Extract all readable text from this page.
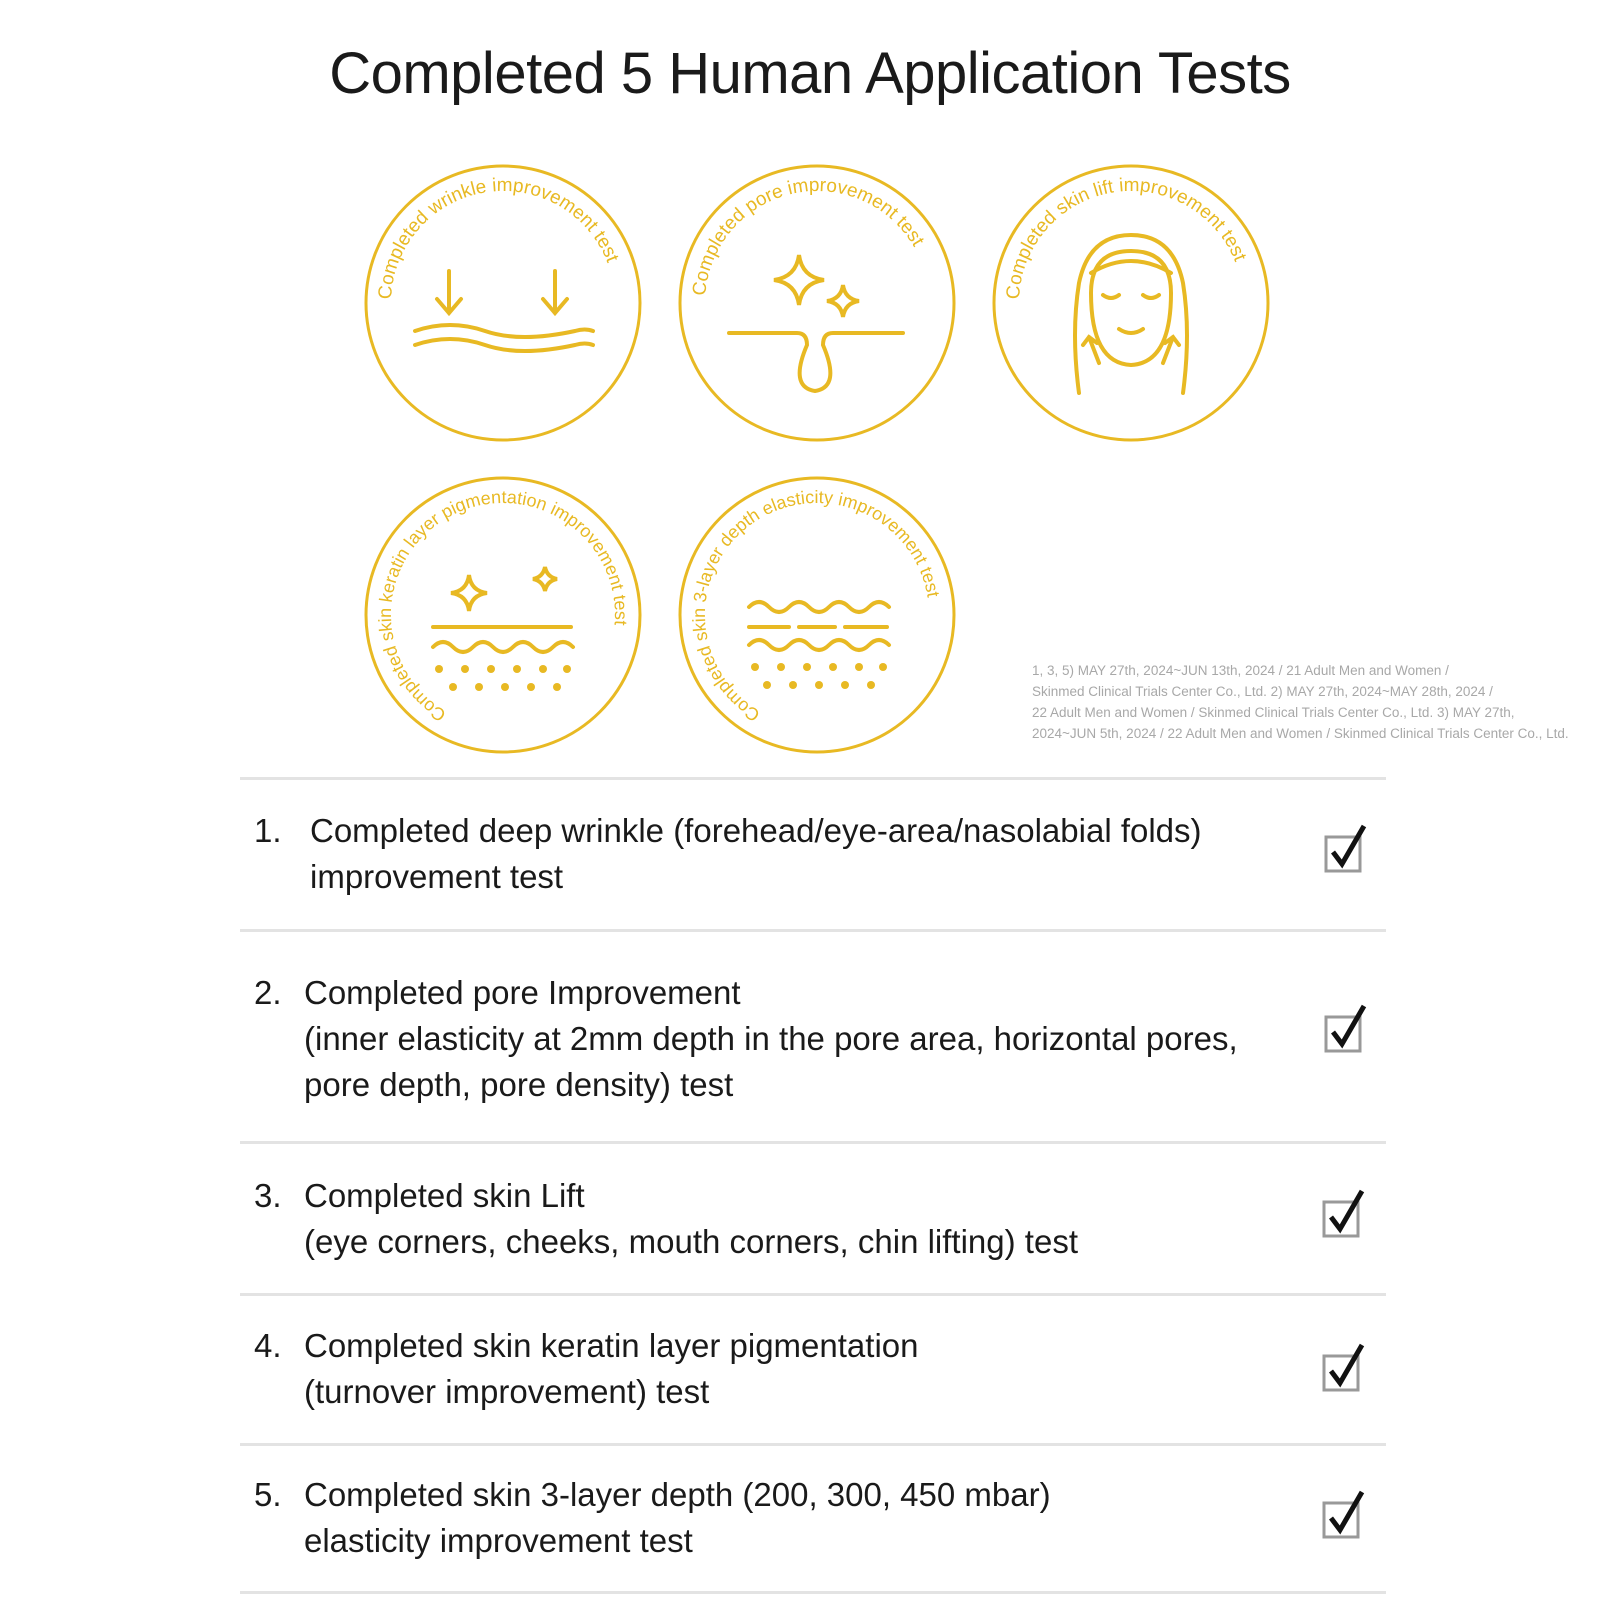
Completed 5 Human Application Tests
Completed wrinkle improvement test
Completed pore improvement test
Completed skin lift improvement test
Completed skin keratin layer pigmentation improvement test
Completed skin 3-layer depth elasticity improvement test
1, 3, 5) MAY 27th, 2024~JUN 13th, 2024 / 21 Adult Men and Women /
Skinmed Clinical Trials Center Co., Ltd. 2) MAY 27th, 2024~MAY 28th, 2024 /
22 Adult Men and Women / Skinmed Clinical Trials Center Co., Ltd. 3) MAY 27th,
2024~JUN 5th, 2024 / 22 Adult Men and Women / Skinmed Clinical Trials Center Co., Ltd.
1. Completed deep wrinkle (forehead/eye-area/nasolabial folds)
improvement test
2. Completed pore Improvement
(inner elasticity at 2mm depth in the pore area, horizontal pores,
pore depth, pore density) test
3. Completed skin Lift
(eye corners, cheeks, mouth corners, chin lifting) test
4. Completed skin keratin layer pigmentation
(turnover improvement) test
5. Completed skin 3-layer depth (200, 300, 450 mbar)
elasticity improvement test
